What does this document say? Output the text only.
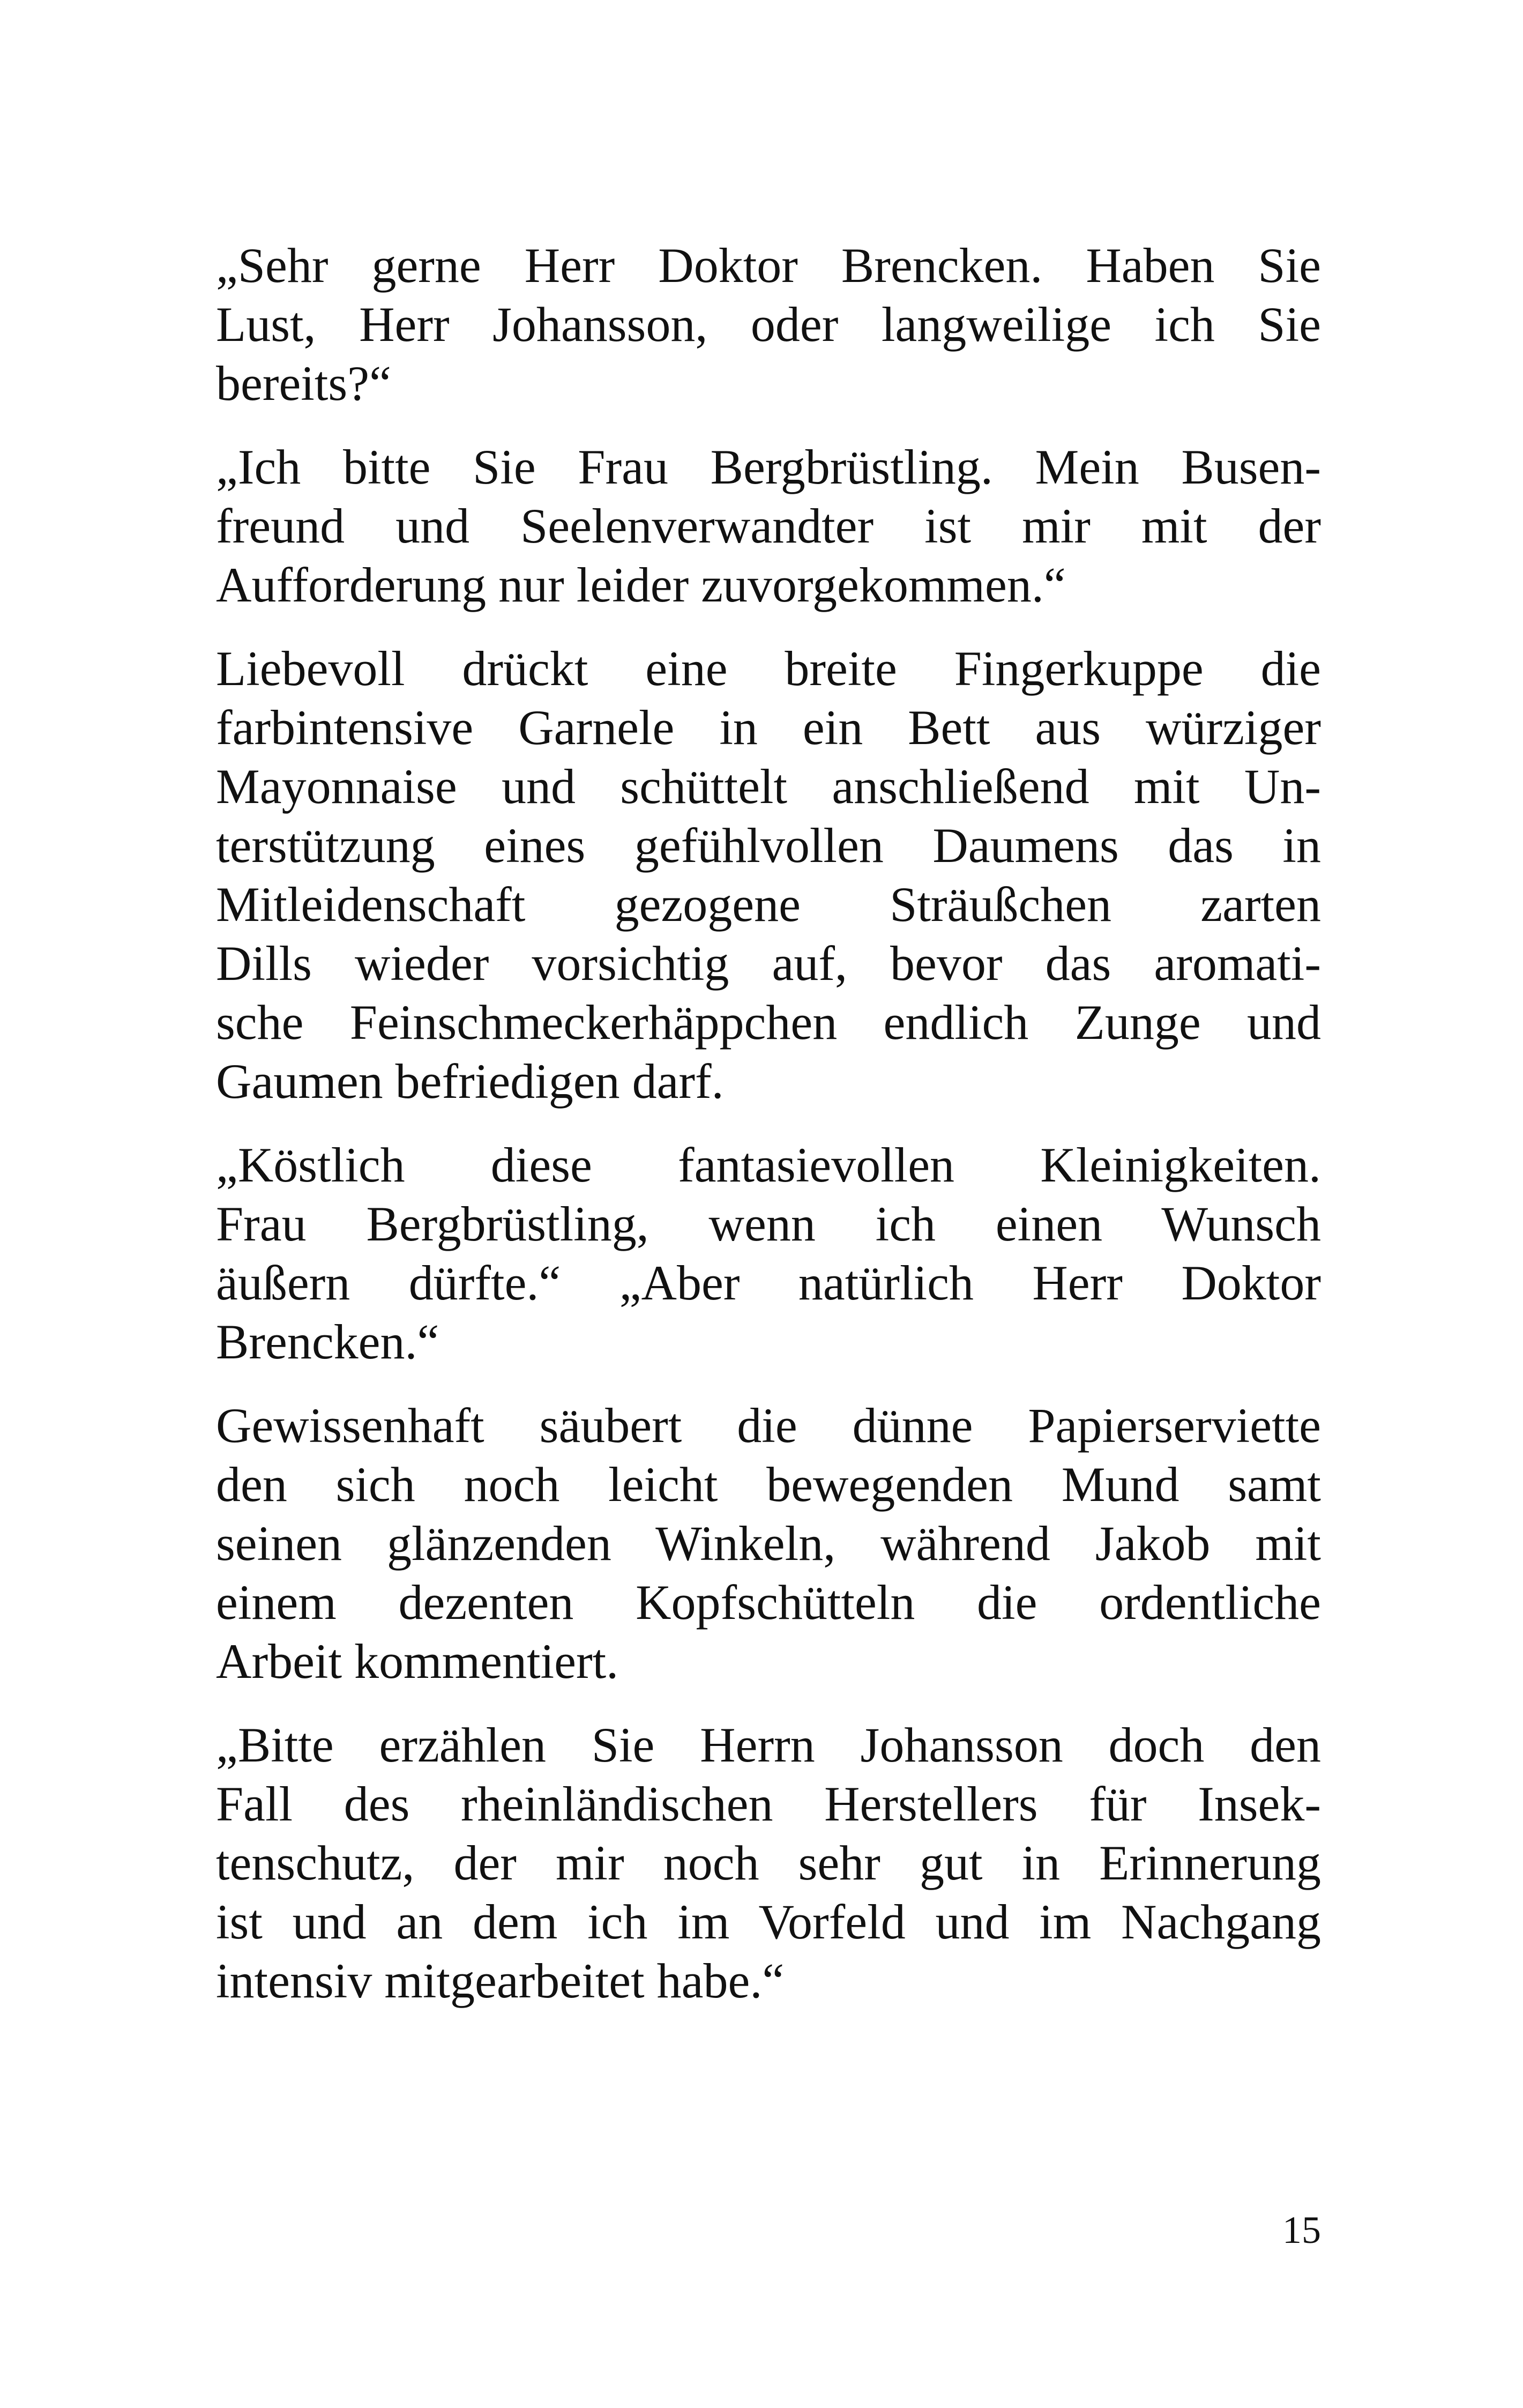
„Sehr gerne Herr Doktor Brencken. Haben Sie
Lust, Herr Johansson, oder langweilige ich Sie
bereits?“

„Ich bitte Sie Frau Bergbrüstling. Mein Busen-
freund und Seelenverwandter ist mir mit der
Aufforderung nur leider zuvorgekommen.“

Liebevoll drückt eine breite Fingerkuppe die
farbintensive Garnele in ein Bett aus würziger
Mayonnaise und schüttelt anschließend mit Un-
terstützung eines gefühlvollen Daumens das in
Mitleidenschaft gezogene Sträußchen zarten
Dills wieder vorsichtig auf, bevor das aromati-
sche Feinschmeckerhäppchen endlich Zunge und
Gaumen befriedigen darf.

„Köstlich diese fantasievollen Kleinigkeiten.
Frau Bergbrüstling, wenn ich einen Wunsch
äußern dürfte.“ „Aber natürlich Herr Doktor
Brencken.“

Gewissenhaft säubert die dünne Papierserviette
den sich noch leicht bewegenden Mund samt
seinen glänzenden Winkeln, während Jakob mit
einem dezenten Kopfschütteln die ordentliche
Arbeit kommentiert.

„Bitte erzählen Sie Herrn Johansson doch den
Fall des rheinländischen Herstellers für Insek-
tenschutz, der mir noch sehr gut in Erinnerung
ist und an dem ich im Vorfeld und im Nachgang
intensiv mitgearbeitet habe.“

15
